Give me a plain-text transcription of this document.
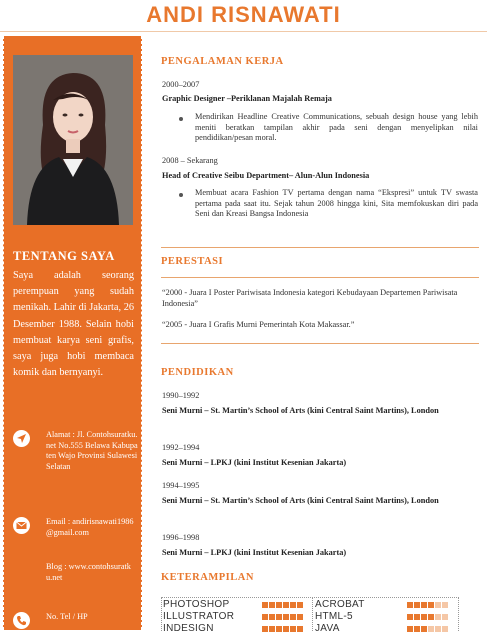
ANDI RISNAWATI
TENTANG SAYA
Saya adalah seorang perempuan yang sudah menikah. Lahir di Jakarta, 26 Desember 1988. Selain hobi membuat karya seni grafis, saya juga hobi membaca komik dan bernyanyi.
Alamat : Jl. Contohsuratku.net No.555 Belawa Kabupaten Wajo Provinsi Sulawesi Selatan
Email : andirisnawati1986 @gmail.com
Blog : www.contohsuratk u.net
No. Tel / HP
PENGALAMAN KERJA
2000–2007
Graphic Designer –Periklanan Majalah Remaja
Mendirikan Headline Creative Communications, sebuah design house yang lebih meniti beratkan tampilan akhir pada seni dengan menyelipkan nilai pendidikan/pesan moral.
2008 – Sekarang
Head of Creative Seibu Department– Alun-Alun Indonesia
Membuat acara Fashion TV pertama dengan nama “Ekspresi” untuk TV swasta pertama pada saat itu. Sejak tahun 2008 hingga kini, Sita memfokuskan diri pada Seni dan Kreasi Bangsa Indonesia
PERESTASI
“2000 - Juara I Poster Pariwisata Indonesia kategori Kebudayaan Departemen Pariwisata Indonesia”
“2005 - Juara I Grafis Murni Pemerintah Kota Makassar.”
PENDIDIKAN
1990–1992
Seni Murni – St. Martin’s School of Arts (kini Central Saint Martins), London
1992–1994
Seni Murni – LPKJ (kini Institut Kesenian Jakarta)
1994–1995
Seni Murni – St. Martin’s School of Arts (kini Central Saint Martins), London
1996–1998
Seni Murni – LPKJ (kini Institut Kesenian Jakarta)
KETERAMPILAN
PHOTOSHOP	ACROBAT
ILLUSTRATOR	HTML-5
INDESIGN	JAVA
